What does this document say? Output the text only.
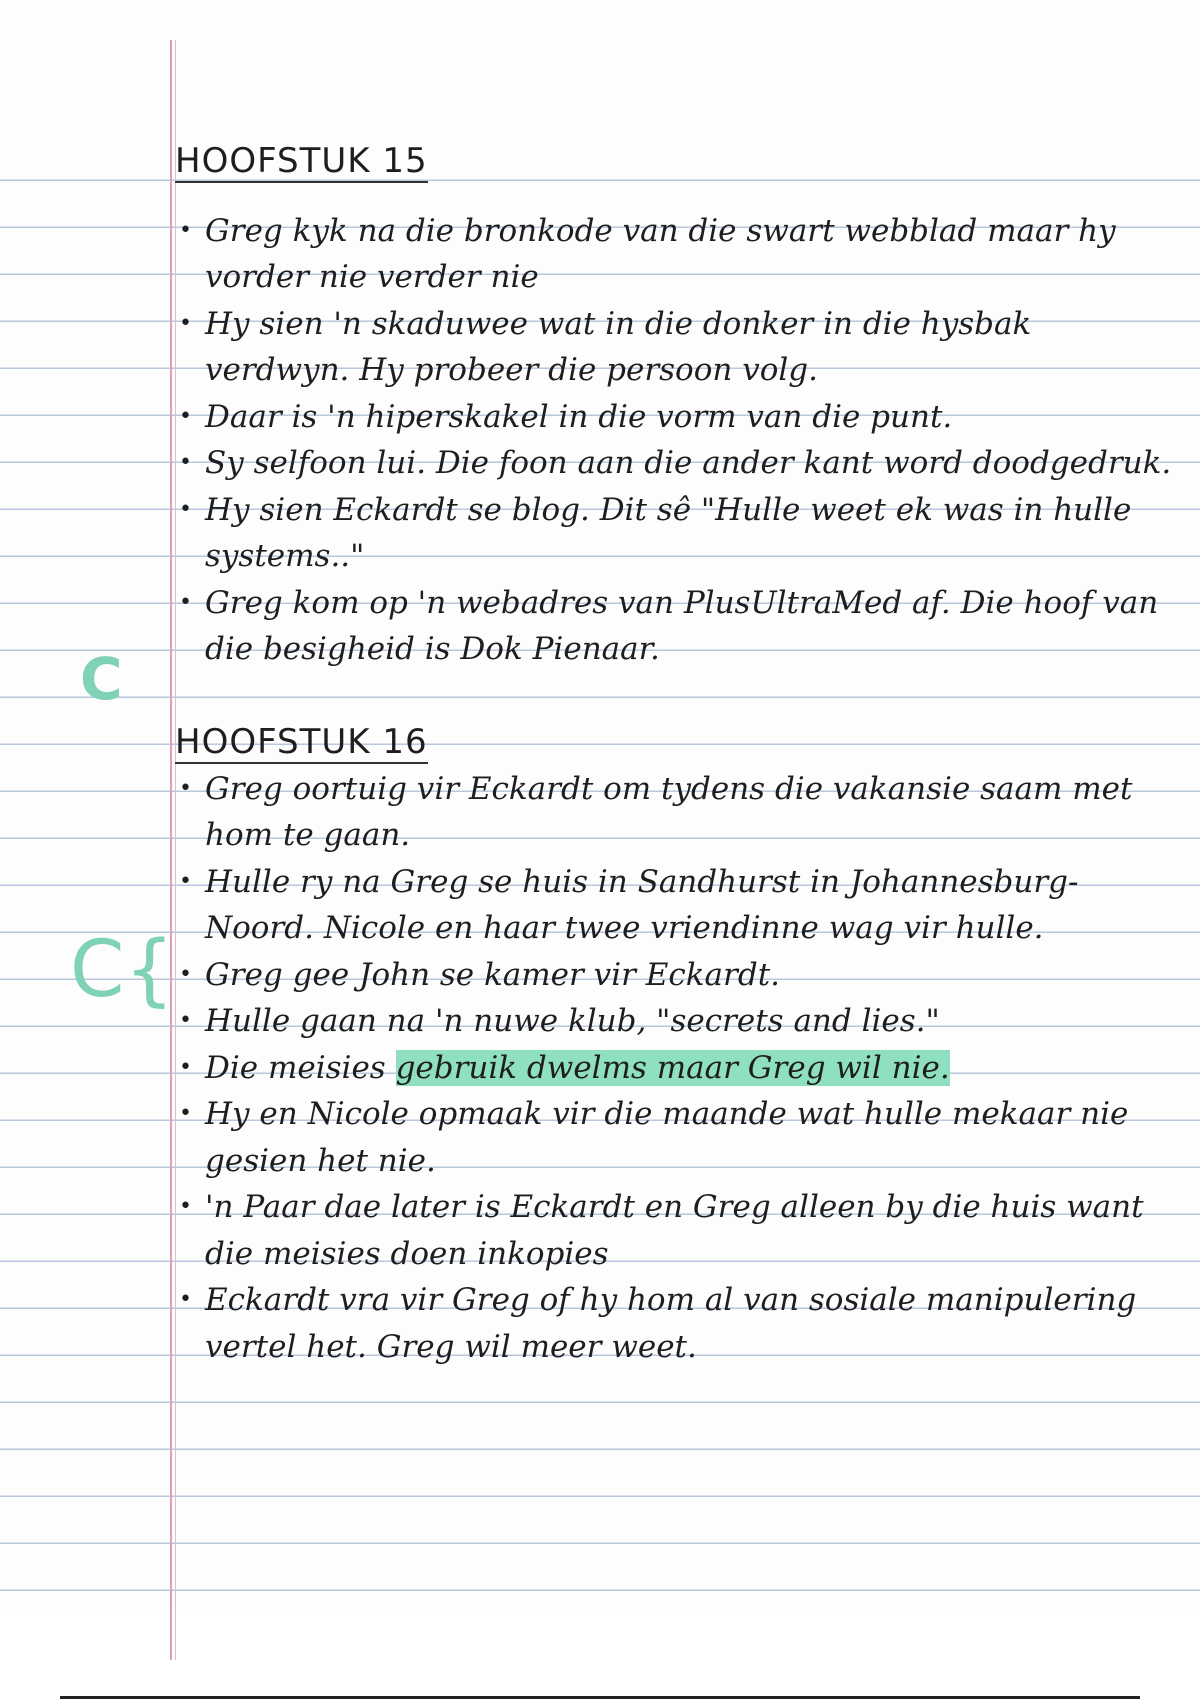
C
C{
HOOFSTUK 15
• Greg kyk na die bronkode van die swart webblad maar hy vorder nie verder nie
• Hy sien 'n skaduwee wat in die donker in die hysbak verdwyn. Hy probeer die persoon volg.
• Daar is 'n hiperskakel in die vorm van die punt.
• Sy selfoon lui. Die foon aan die ander kant word doodgedruk.
• Hy sien Eckardt se blog. Dit sê "Hulle weet ek was in hulle systems.."
• Greg kom op 'n webadres van PlusUltraMed af. Die hoof van die besigheid is Dok Pienaar.
HOOFSTUK 16
• Greg oortuig vir Eckardt om tydens die vakansie saam met hom te gaan.
• Hulle ry na Greg se huis in Sandhurst in Johannesburg-Noord. Nicole en haar twee vriendinne wag vir hulle.
• Greg gee John se kamer vir Eckardt.
• Hulle gaan na 'n nuwe klub, "secrets and lies."
• Die meisies gebruik dwelms maar Greg wil nie.
• Hy en Nicole opmaak vir die maande wat hulle mekaar nie gesien het nie.
• 'n Paar dae later is Eckardt en Greg alleen by die huis want die meisies doen inkopies
• Eckardt vra vir Greg of hy hom al van sosiale manipulering vertel het. Greg wil meer weet.
